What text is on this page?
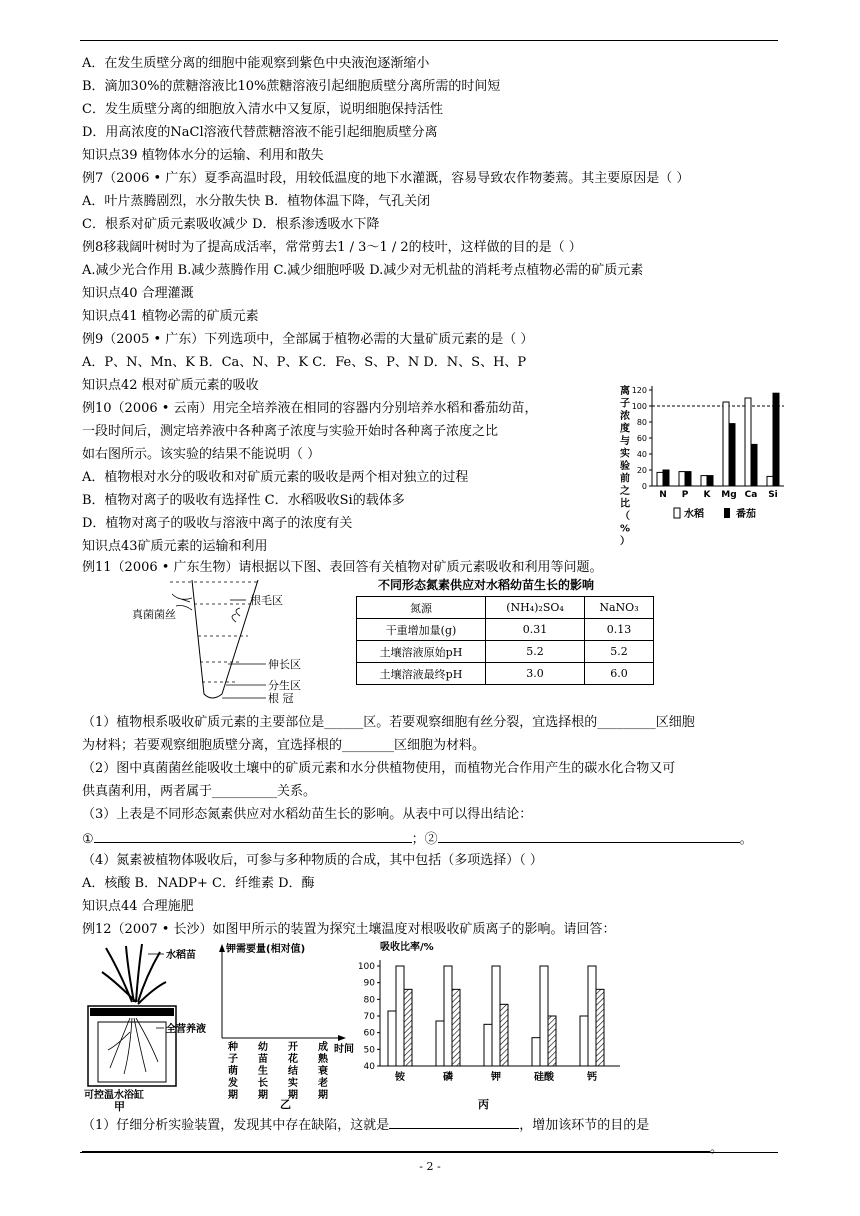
A．在发生质壁分离的细胞中能观察到紫色中央液泡逐渐缩小
B．滴加30%的蔗糖溶液比10%蔗糖溶液引起细胞质壁分离所需的时间短
C．发生质壁分离的细胞放入清水中又复原，说明细胞保持活性
D．用高浓度的NaCl溶液代替蔗糖溶液不能引起细胞质壁分离
知识点39 植物体水分的运输、利用和散失
例7（2006 • 广东）夏季高温时段，用较低温度的地下水灌溉，容易导致农作物萎蔫。其主要原因是（ ）
A．叶片蒸腾剧烈，水分散失快 B．植物体温下降，气孔关闭
C．根系对矿质元素吸收减少 D．根系渗透吸水下降
例8移栽阔叶树时为了提高成活率，常常剪去1 / 3～1 / 2的枝叶，这样做的目的是（ ）
A.减少光合作用 B.减少蒸腾作用 C.减少细胞呼吸 D.减少对无机盐的消耗考点植物必需的矿质元素
知识点40 合理灌溉
知识点41 植物必需的矿质元素
例9（2005 • 广东）下列选项中，全部属于植物必需的大量矿质元素的是（ ）
A．P、N、Mn、K B．Ca、N、P、K C．Fe、S、P、N D．N、S、H、P
知识点42 根对矿质元素的吸收
例10（2006 • 云南）用完全培养液在相同的容器内分别培养水稻和番茄幼苗，
一段时间后，测定培养液中各种离子浓度与实验开始时各种离子浓度之比
如右图所示。该实验的结果不能说明（ ）
A．植物根对水分的吸收和对矿质元素的吸收是两个相对独立的过程
B．植物对离子的吸收有选择性 C．水稻吸收Si的载体多
D．植物对离子的吸收与溶液中离子的浓度有关
知识点43矿质元素的运输和利用
例11（2006 • 广东生物）请根据以下图、表回答有关植物对矿质元素吸收和利用等问题。
为材料；若要观察细胞质壁分离，宜选择根的________区细胞为材料。
（2）图中真菌菌丝能吸收土壤中的矿质元素和水分供植物使用，而植物光合作用产生的碳水化合物又可
供真菌利用，两者属于__________关系。
（3）上表是不同形态氮素供应对水稻幼苗生长的影响。从表中可以得出结论：
（4）氮素被植物体吸收后，可参与多种物质的合成，其中包括（多项选择）（ ）
A．核酸 B．NADP+ C．纤维素 D．酶
知识点44 合理施肥
例12（2007 • 长沙）如图甲所示的装置为探究土壤温度对根吸收矿质离子的影响。请回答：
（1）植物根系吸收矿质元素的主要部位是______区。若要观察细胞有丝分裂，宜选择根的_________区细胞
①	；②	。
（1）仔细分析实验装置，发现其中存在缺陷，这就是	，增加该环节的目的是
。
离
子
浓
度
与
实
验
前
之
比
（
%
）
0
20
40
60
80
100
120
N P K Mg Ca Si
水稻	番茄
真菌菌丝
根毛区
伸长区
分生区
根 冠
不同形态氮素供应对水稻幼苗生长的影响
氮源	(NH₄)₂SO₄	NaNO₃
干重增加量(g)	0.31	0.13
土壤溶液原始pH	5.2	5.2
土壤溶液最终pH	3.0	6.0
水稻苗
全营养液
可控温水浴缸
甲
钾需要量(相对值)
时间
种
子
萌
发
期
幼
苗
生
长
期
开
花
结
实
期
成
熟
衰
老
期
乙
吸收比率/%
40
50
60
70
80
90
100
铵	磷	钾	硅酸	钙
丙
- 2 -
